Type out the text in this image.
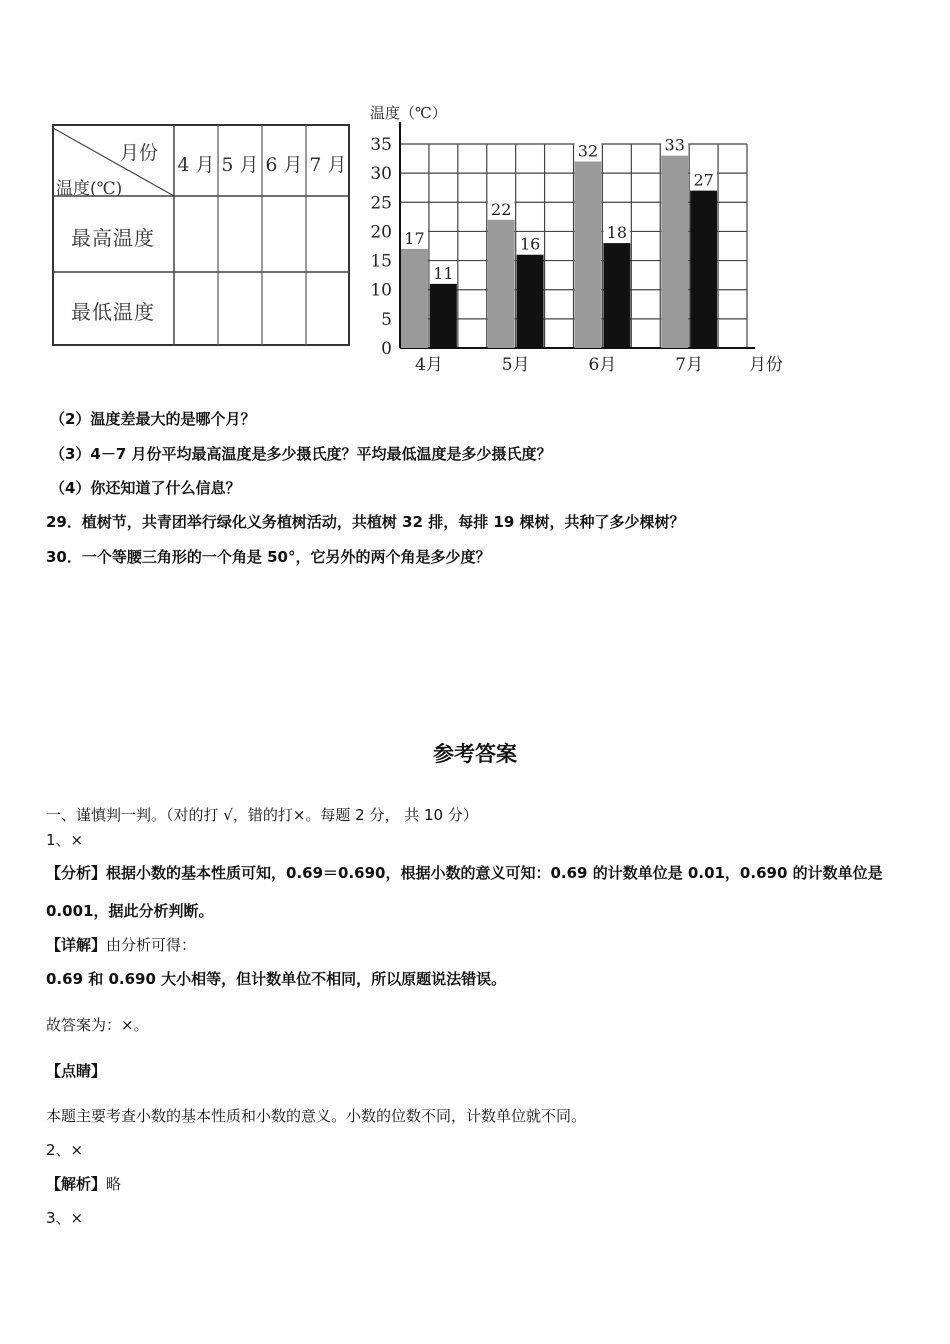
月份
温度(℃)
4 月 5 月 6 月 7 月
最高温度
最低温度
0
5
10
15
20
25
30
35
温度（℃）
17
11
4月
22
16
5月
32
18
6月
33
27
7月	月份
（2）温度差最大的是哪个月？
（3）4－7 月份平均最高温度是多少摄氏度？平均最低温度是多少摄氏度？
（4）你还知道了什么信息？
29．植树节，共青团举行绿化义务植树活动，共植树 32 排，每排 19 棵树，共种了多少棵树？
30．一个等腰三角形的一个角是 50°，它另外的两个角是多少度？
参考答案
一、谨慎判一判。（对的打 √，错的打×。每题 2 分， 共 10 分）
1、×
【分析】根据小数的基本性质可知，0.69＝0.690，根据小数的意义可知：0.69 的计数单位是 0.01，0.690 的计数单位是
0.001，据此分析判断。
【详解】由分析可得：
0.69 和 0.690 大小相等，但计数单位不相同，所以原题说法错误。
故答案为：×。
【点睛】
本题主要考查小数的基本性质和小数的意义。小数的位数不同，计数单位就不同。
2、×
【解析】略
3、×
